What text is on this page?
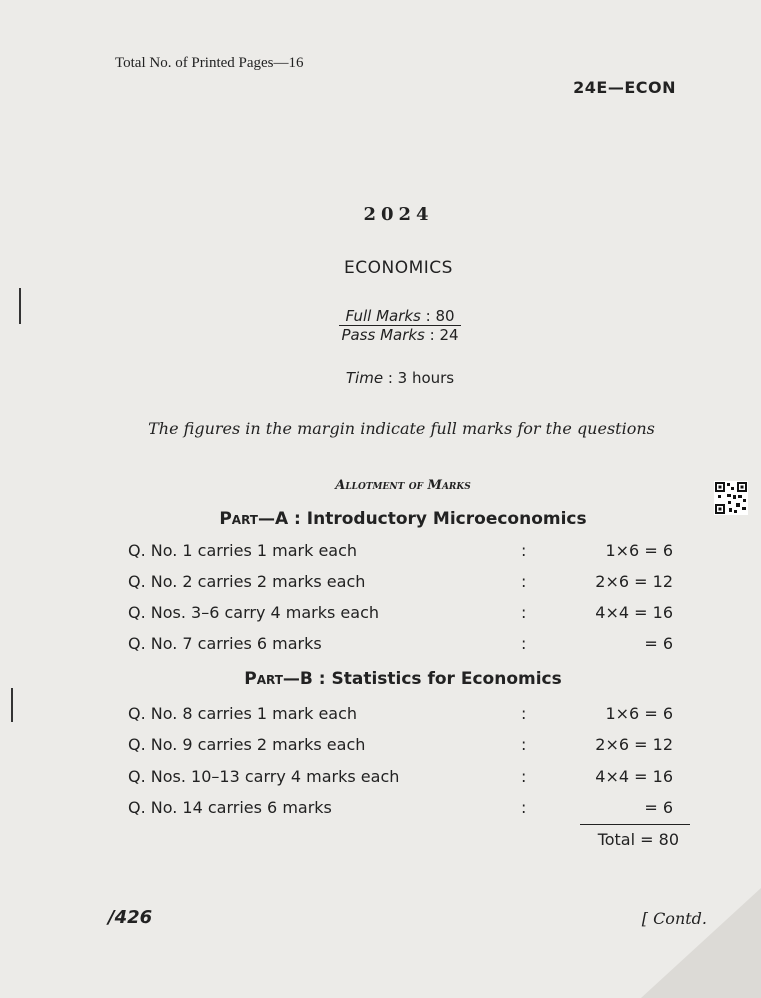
Total No. of Printed Pages—16
24E—ECON
2024
ECONOMICS
Full Marks : 80
Pass Marks : 24
Time : 3 hours
The figures in the margin indicate full marks for the questions
Allotment of Marks
Part—A : Introductory Microeconomics
Q. No. 1 carries 1 mark each	:	1×6 = 6
Q. No. 2 carries 2 marks each	:	2×6 = 12
Q. Nos. 3–6 carry 4 marks each	:	4×4 = 16
Q. No. 7 carries 6 marks	:	= 6
Part—B : Statistics for Economics
Q. No. 8 carries 1 mark each	:	1×6 = 6
Q. No. 9 carries 2 marks each	:	2×6 = 12
Q. Nos. 10–13 carry 4 marks each	:	4×4 = 16
Q. No. 14 carries 6 marks	:	= 6
Total = 80
/426	[ Contd.
